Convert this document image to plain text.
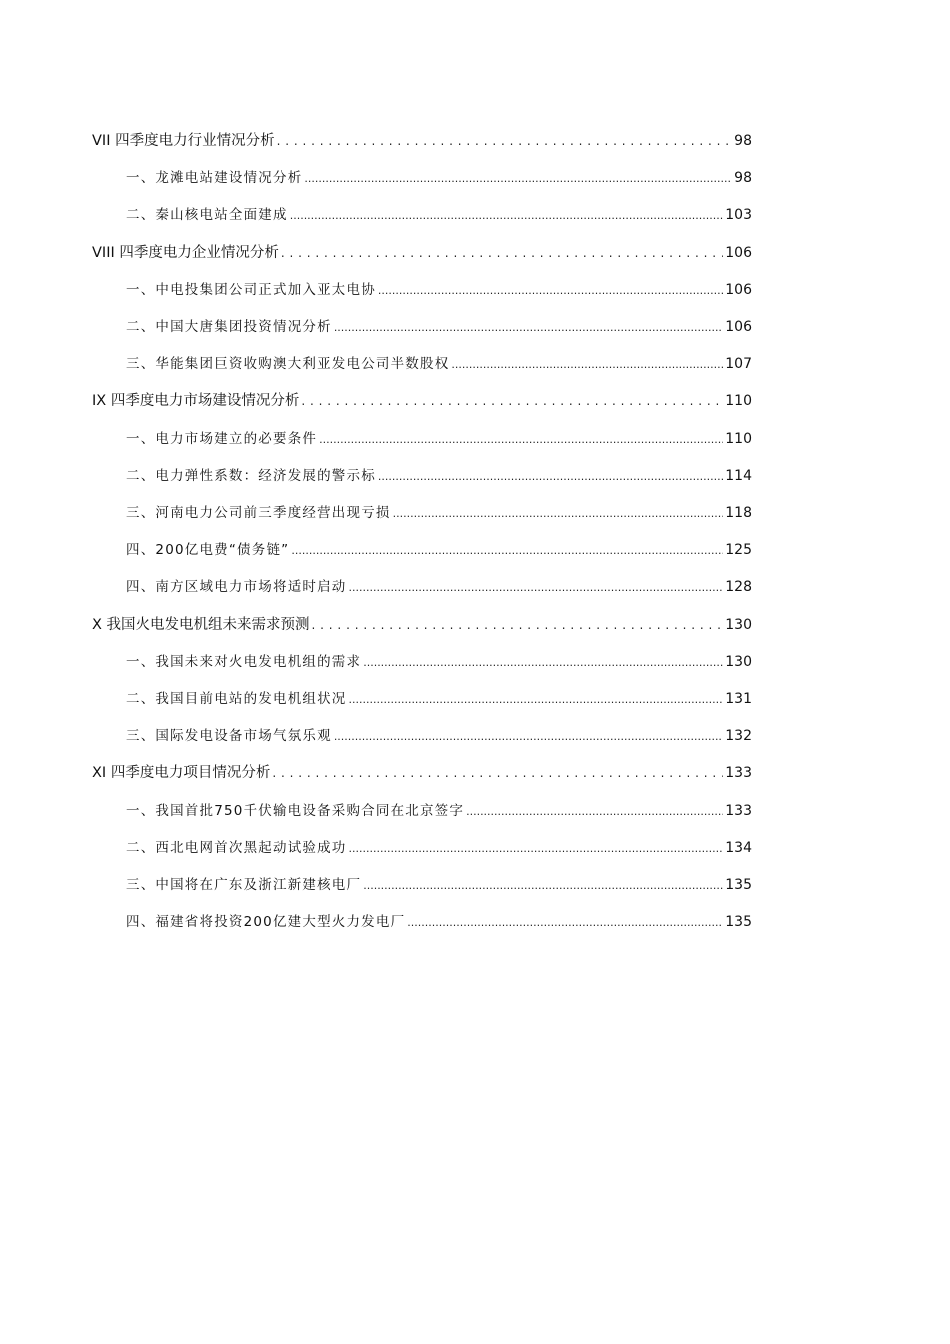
VII 四季度电力行业情况分析 . . .	98
一、龙滩电站建设情况分析 .....	98
二、秦山核电站全面建成 .....	103
VIII 四季度电力企业情况分析 . . .	106
一、中电投集团公司正式加入亚太电协 .....	106
二、中国大唐集团投资情况分析 .....	106
三、华能集团巨资收购澳大利亚发电公司半数股权 .....	107
IX 四季度电力市场建设情况分析 . . .	110
一、电力市场建立的必要条件 .....	110
二、电力弹性系数：经济发展的警示标 .....	114
三、河南电力公司前三季度经营出现亏损 .....	118
四、200亿电费“债务链” .....	125
四、南方区域电力市场将适时启动 .....	128
X 我国火电发电机组未来需求预测 . . .	130
一、我国未来对火电发电机组的需求 .....	130
二、我国目前电站的发电机组状况 .....	131
三、国际发电设备市场气氛乐观 .....	132
XI 四季度电力项目情况分析 . . .	133
一、我国首批750千伏输电设备采购合同在北京签字 .....	133
二、西北电网首次黑起动试验成功 .....	134
三、中国将在广东及浙江新建核电厂 .....	135
四、福建省将投资200亿建大型火力发电厂 .....	135
